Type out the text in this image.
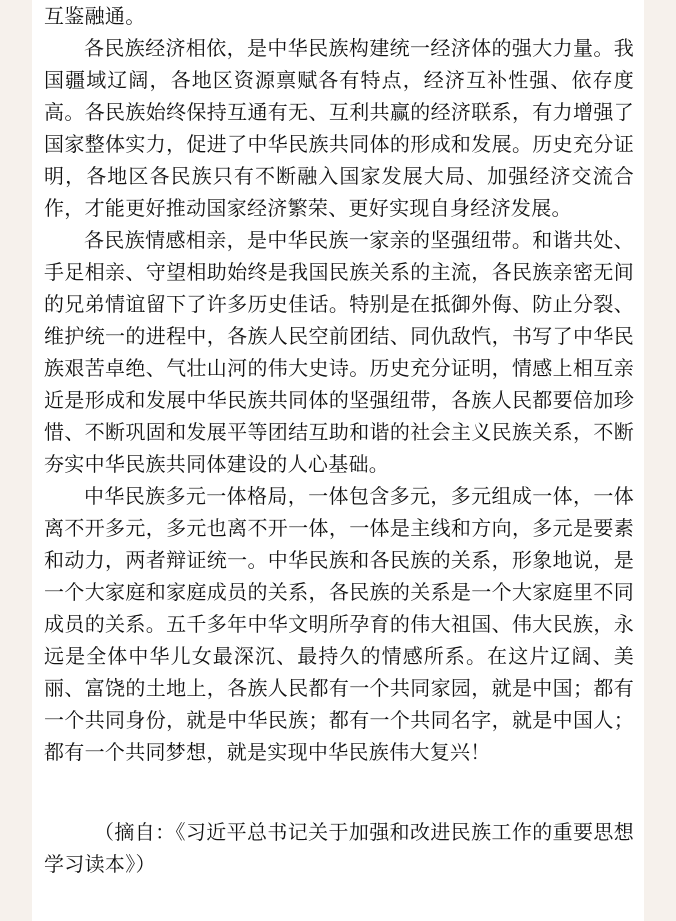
互鉴融通。

各民族经济相依，是中华民族构建统一经济体的强大力量。我国疆域辽阔，各地区资源禀赋各有特点，经济互补性强、依存度高。各民族始终保持互通有无、互利共赢的经济联系，有力增强了国家整体实力，促进了中华民族共同体的形成和发展。历史充分证明，各地区各民族只有不断融入国家发展大局、加强经济交流合作，才能更好推动国家经济繁荣、更好实现自身经济发展。

各民族情感相亲，是中华民族一家亲的坚强纽带。和谐共处、手足相亲、守望相助始终是我国民族关系的主流，各民族亲密无间的兄弟情谊留下了许多历史佳话。特别是在抵御外侮、防止分裂、维护统一的进程中，各族人民空前团结、同仇敌忾，书写了中华民族艰苦卓绝、气壮山河的伟大史诗。历史充分证明，情感上相互亲近是形成和发展中华民族共同体的坚强纽带，各族人民都要倍加珍惜、不断巩固和发展平等团结互助和谐的社会主义民族关系，不断夯实中华民族共同体建设的人心基础。

中华民族多元一体格局，一体包含多元，多元组成一体，一体离不开多元，多元也离不开一体，一体是主线和方向，多元是要素和动力，两者辩证统一。中华民族和各民族的关系，形象地说，是一个大家庭和家庭成员的关系，各民族的关系是一个大家庭里不同成员的关系。五千多年中华文明所孕育的伟大祖国、伟大民族，永远是全体中华儿女最深沉、最持久的情感所系。在这片辽阔、美丽、富饶的土地上，各族人民都有一个共同家园，就是中国；都有一个共同身份，就是中华民族；都有一个共同名字，就是中国人；都有一个共同梦想，就是实现中华民族伟大复兴！

（摘自：《习近平总书记关于加强和改进民族工作的重要思想学习读本》）
